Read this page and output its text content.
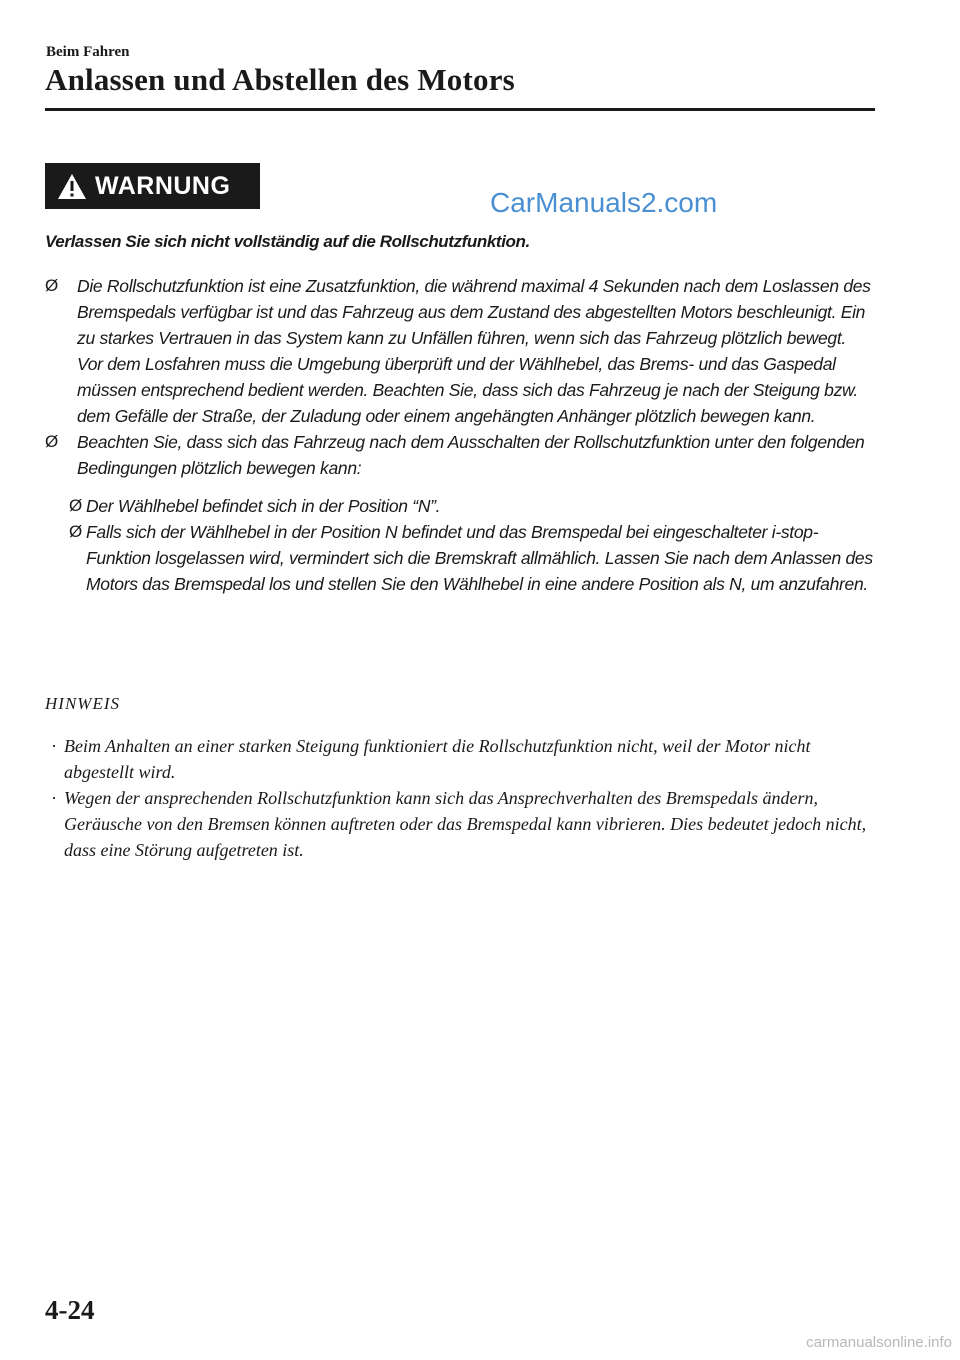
Beim Fahren
Anlassen und Abstellen des Motors
WARNUNG
CarManuals2.com

Verlassen Sie sich nicht vollständig auf die Rollschutzfunktion.

Ø Die Rollschutzfunktion ist eine Zusatzfunktion, die während maximal 4 Sekunden nach dem Loslassen des Bremspedals verfügbar ist und das Fahrzeug aus dem Zustand des abgestellten Motors beschleunigt. Ein zu starkes Vertrauen in das System kann zu Unfällen führen, wenn sich das Fahrzeug plötzlich bewegt. Vor dem Losfahren muss die Umgebung überprüft und der Wählhebel, das Brems- und das Gaspedal müssen entsprechend bedient werden. Beachten Sie, dass sich das Fahrzeug je nach der Steigung bzw. dem Gefälle der Straße, der Zuladung oder einem angehängten Anhänger plötzlich bewegen kann.
Ø Beachten Sie, dass sich das Fahrzeug nach dem Ausschalten der Rollschutzfunktion unter den folgenden Bedingungen plötzlich bewegen kann:
Ø Der Wählhebel befindet sich in der Position “N”.
Ø Falls sich der Wählhebel in der Position N befindet und das Bremspedal bei eingeschalteter i-stop-Funktion losgelassen wird, vermindert sich die Bremskraft allmählich. Lassen Sie nach dem Anlassen des Motors das Bremspedal los und stellen Sie den Wählhebel in eine andere Position als N, um anzufahren.
HINWEIS
· Beim Anhalten an einer starken Steigung funktioniert die Rollschutzfunktion nicht, weil der Motor nicht abgestellt wird.
· Wegen der ansprechenden Rollschutzfunktion kann sich das Ansprechverhalten des Bremspedals ändern, Geräusche von den Bremsen können auftreten oder das Bremspedal kann vibrieren. Dies bedeutet jedoch nicht, dass eine Störung aufgetreten ist.
4-24
carmanualsonline.info
